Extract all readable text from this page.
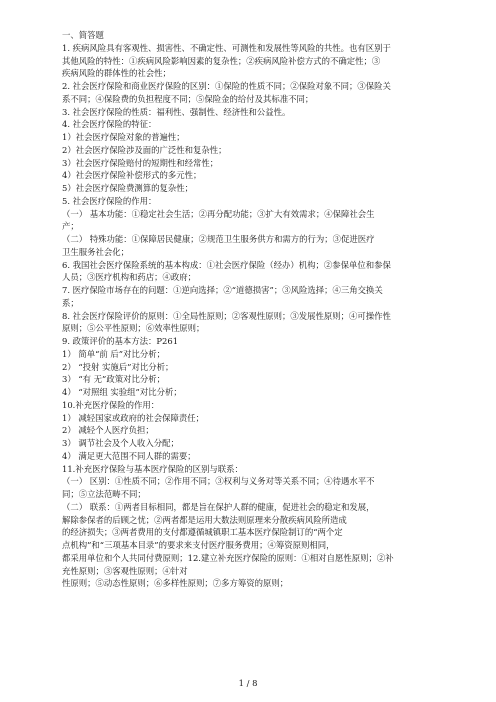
一、简答题
1. 疾病风险具有客观性、损害性、不确定性、可测性和发展性等风险的共性。也有区别于
其他风险的特性：①疾病风险影响因素的复杂性；②疾病风险补偿方式的不确定性；③
疾病风险的群体性的社会性；
2. 社会医疗保险和商业医疗保险的区别：①保险的性质不同；②保险对象不同；③保险关
系不同；④保险费的负担程度不同；⑤保险金的给付及其标准不同；
3. 社会医疗保险的性质：福利性、强制性、经济性和公益性。
4. 社会医疗保险的特征：
1）社会医疗保险对象的普遍性；
2）社会医疗保险涉及面的广泛性和复杂性；
3）社会医疗保险赔付的短期性和经常性；
4）社会医疗保险补偿形式的多元性；
5）社会医疗保险费测算的复杂性；
5. 社会医疗保险的作用：
（一） 基本功能：①稳定社会生活；②再分配功能；③扩大有效需求；④保障社会生
产；
（二） 特殊功能：①保障居民健康；②规范卫生服务供方和需方的行为；③促进医疗
卫生服务社会化；
6. 我国社会医疗保险系统的基本构成：①社会医疗保险（经办）机构；②参保单位和参保
人员；③医疗机构和药店；④政府；
7. 医疗保险市场存在的问题：①逆向选择；②“道德损害”；③风险选择；④三角交换关
系；
8. 社会医疗保险评价的原则：①全局性原则；②客观性原则；③发展性原则；④可操作性
原则；⑤公平性原则；⑥效率性原则；
9. 政策评价的基本方法：P261
1） 简单“前 后”对比分析；
2） “投射 实施后”对比分析；
3） “有 无”政策对比分析；
4） “对照组 实验组”对比分析；
10.补充医疗保险的作用：
1） 减轻国家或政府的社会保障责任；
2） 减轻个人医疗负担；
3） 调节社会及个人收入分配；
4） 满足更大范围不同人群的需要；
11.补充医疗保险与基本医疗保险的区别与联系：
（一） 区别：①性质不同；②作用不同；③权利与义务对等关系不同；④待遇水平不
同；⑤立法范畴不同；
（二） 联系：①两者目标相同，都是旨在保护人群的健康，促进社会的稳定和发展，
解除参保者的后顾之忧；②两者都是运用大数法则原理来分散疾病风险所造成
的经济损失；③两者费用的支付都遵循城镇职工基本医疗保险制订的“两个定
点机构”和“三项基本目录”的要求来支付医疗服务费用；④筹资原则相同，
都采用单位和个人共同付费原则；12.建立补充医疗保险的原则：①相对自愿性原则；②补
充性原则；③客观性原则；④针对
性原则；⑤动态性原则；⑥多样性原则；⑦多方筹资的原则；
1 / 8
